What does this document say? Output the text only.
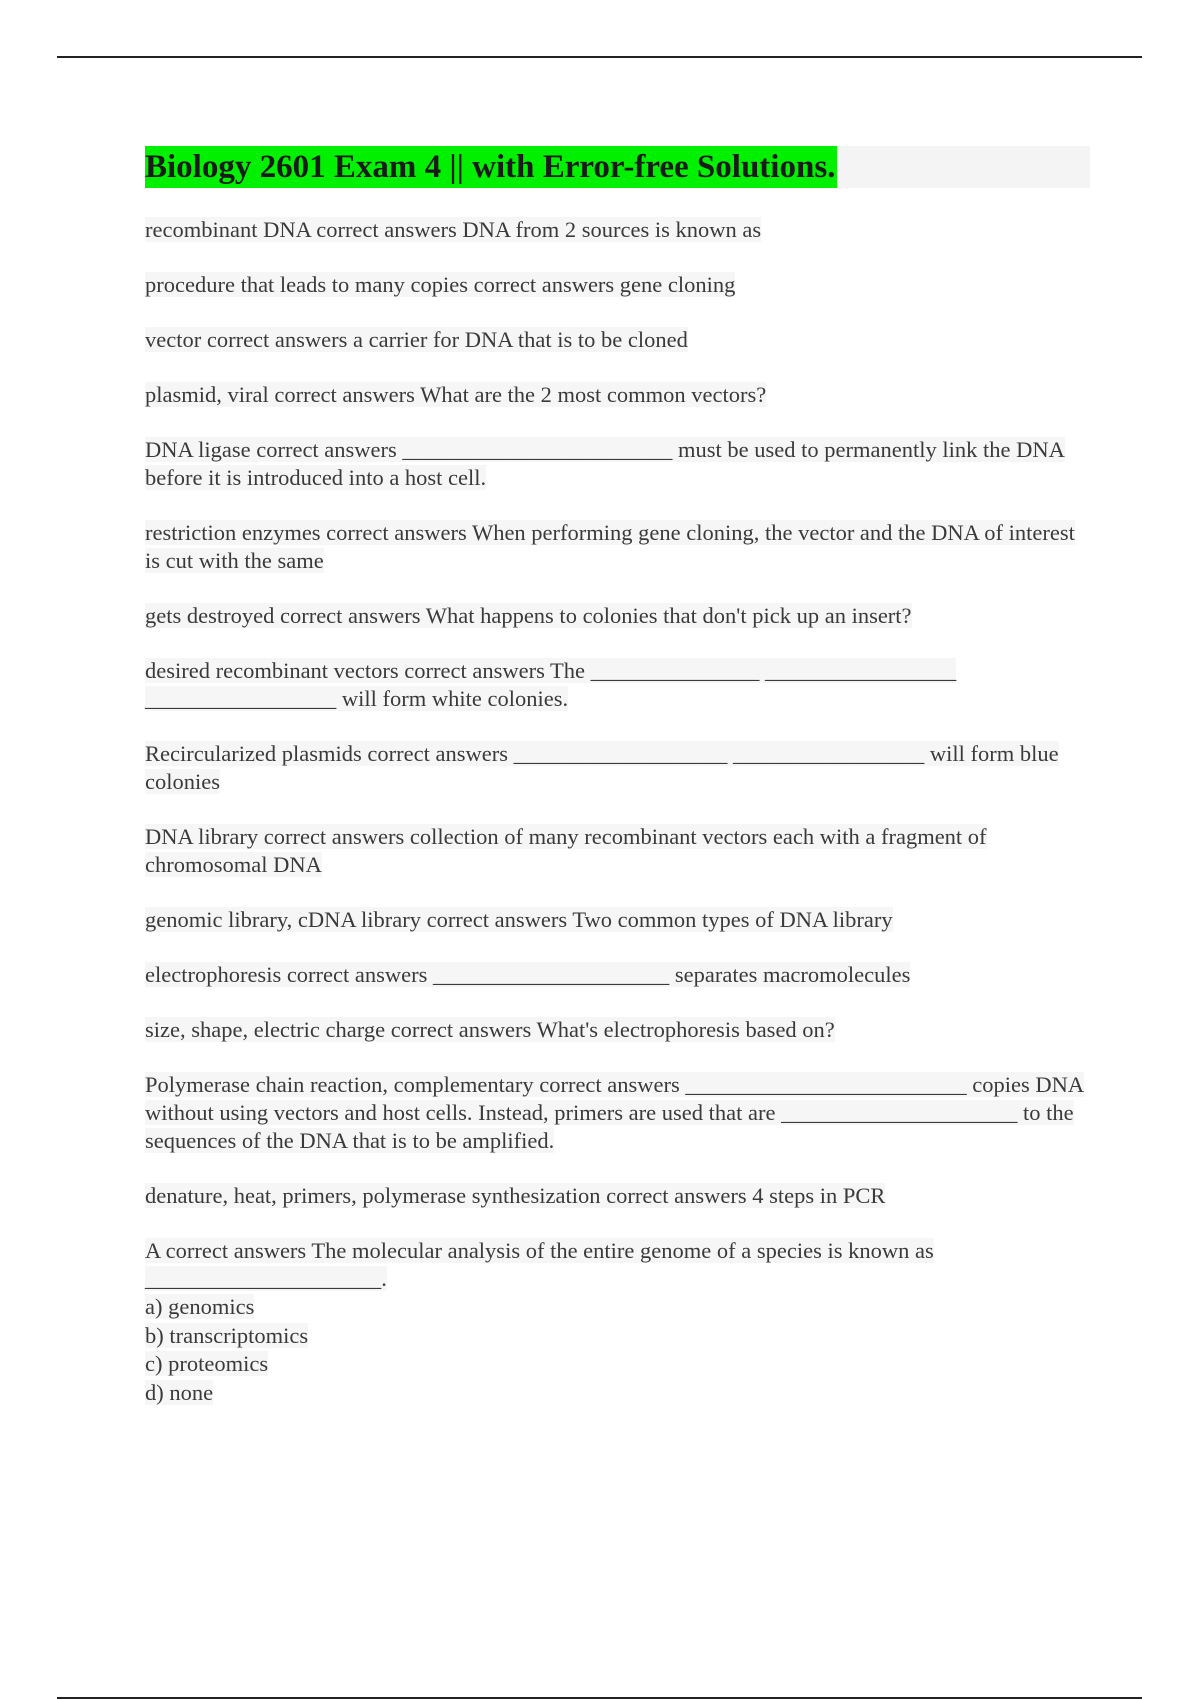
Biology 2601 Exam 4 || with Error-free Solutions.

recombinant DNA correct answers DNA from 2 sources is known as

procedure that leads to many copies correct answers gene cloning

vector correct answers a carrier for DNA that is to be cloned

plasmid, viral correct answers What are the 2 most common vectors?

DNA ligase correct answers ________________________ must be used to permanently link the DNA before it is introduced into a host cell.

restriction enzymes correct answers When performing gene cloning, the vector and the DNA of interest is cut with the same

gets destroyed correct answers What happens to colonies that don't pick up an insert?

desired recombinant vectors correct answers The _______________ _________________ _________________ will form white colonies.

Recircularized plasmids correct answers ___________________ _________________ will form blue colonies

DNA library correct answers collection of many recombinant vectors each with a fragment of chromosomal DNA

genomic library, cDNA library correct answers Two common types of DNA library

electrophoresis correct answers _____________________ separates macromolecules

size, shape, electric charge correct answers What's electrophoresis based on?

Polymerase chain reaction, complementary correct answers _________________________ copies DNA without using vectors and host cells. Instead, primers are used that are _____________________ to the sequences of the DNA that is to be amplified.

denature, heat, primers, polymerase synthesization correct answers 4 steps in PCR

A correct answers The molecular analysis of the entire genome of a species is known as _____________________.

a) genomics
b) transcriptomics
c) proteomics
d) none
